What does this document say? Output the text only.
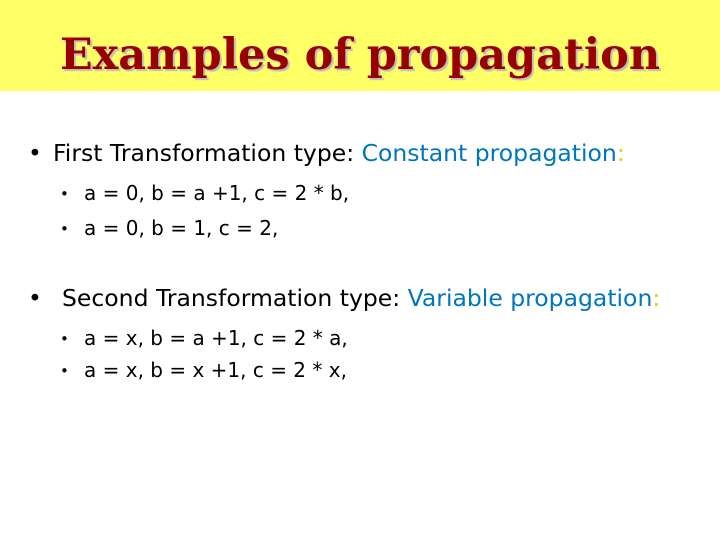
Examples of propagation
• First Transformation type: Constant propagation:
• a = 0, b = a +1, c = 2 * b,
• a = 0, b = 1, c = 2,
• Second Transformation type: Variable propagation:
• a = x, b = a +1, c = 2 * a,
• a = x, b = x +1, c = 2 * x,
